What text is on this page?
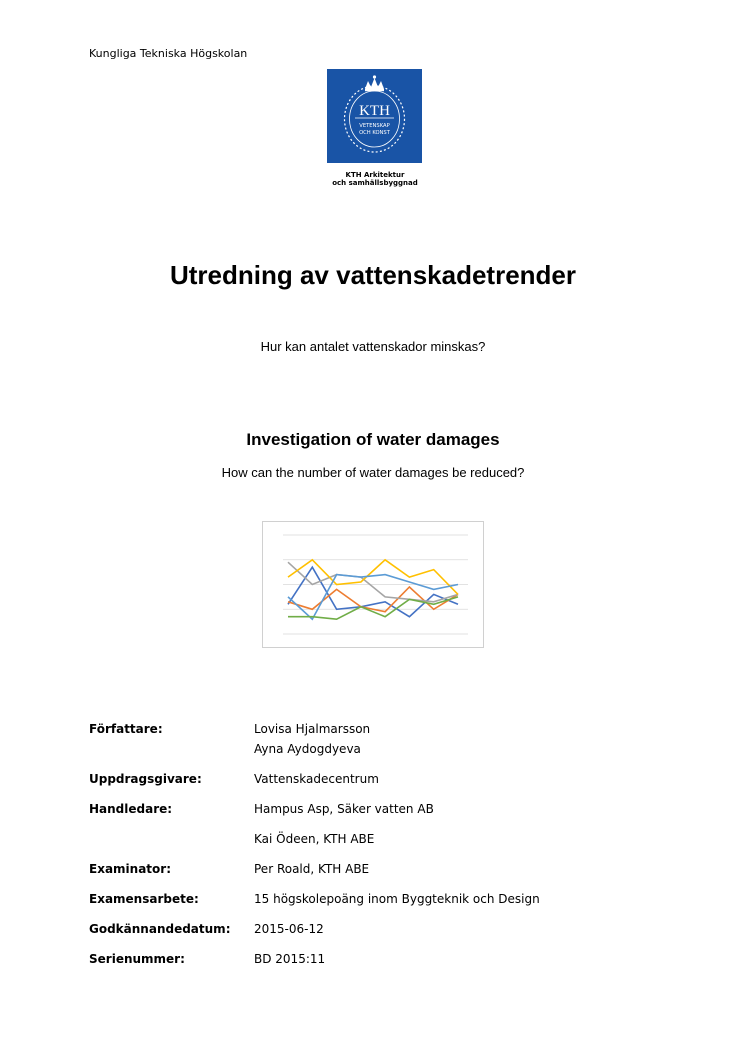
Kungliga Tekniska Högskolan
KTH
VETENSKAP
OCH KONST
KTH Arkitektur
och samhällsbyggnad
Utredning av vattenskadetrender
Hur kan antalet vattenskador minskas?
Investigation of water damages
How can the number of water damages be reduced?
Författare:	Lovisa Hjalmarsson
Ayna Aydogdyeva
Uppdragsgivare:	Vattenskadecentrum
Handledare:	Hampus Asp, Säker vatten AB
Kai Ödeen, KTH ABE
Examinator:	Per Roald, KTH ABE
Examensarbete:	15 högskolepoäng inom Byggteknik och Design
Godkännandedatum:	2015-06-12
Serienummer:	BD 2015:11
